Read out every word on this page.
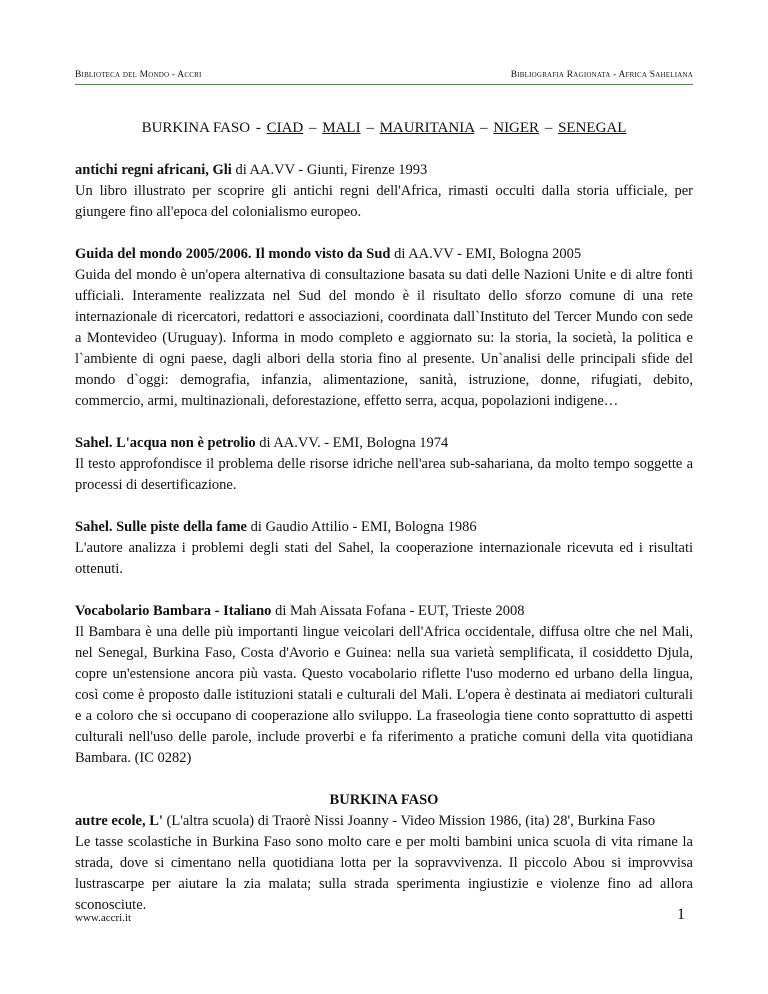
Biblioteca del Mondo - Accri	Bibliografia Ragionata - Africa Saheliana
BURKINA FASO - CIAD – MALI – MAURITANIA – NIGER – SENEGAL

antichi regni africani, Gli di AA.VV - Giunti, Firenze 1993

Un libro illustrato per scoprire gli antichi regni dell'Africa, rimasti occulti dalla storia ufficiale, per giungere fino all'epoca del colonialismo europeo.

Guida del mondo 2005/2006. Il mondo visto da Sud di AA.VV - EMI, Bologna 2005

Guida del mondo è un'opera alternativa di consultazione basata su dati delle Nazioni Unite e di altre fonti ufficiali. Interamente realizzata nel Sud del mondo è il risultato dello sforzo comune di una rete internazionale di ricercatori, redattori e associazioni, coordinata dall`Instituto del Tercer Mundo con sede a Montevideo (Uruguay). Informa in modo completo e aggiornato su: la storia, la società, la politica e l`ambiente di ogni paese, dagli albori della storia fino al presente. Un`analisi delle principali sfide del mondo d`oggi: demografia, infanzia, alimentazione, sanità, istruzione, donne, rifugiati, debito, commercio, armi, multinazionali, deforestazione, effetto serra, acqua, popolazioni indigene…

Sahel. L'acqua non è petrolio di AA.VV. - EMI, Bologna 1974

Il testo approfondisce il problema delle risorse idriche nell'area sub-sahariana, da molto tempo soggette a processi di desertificazione.

Sahel. Sulle piste della fame di Gaudio Attilio - EMI, Bologna 1986

L'autore analizza i problemi degli stati del Sahel, la cooperazione internazionale ricevuta ed i risultati ottenuti.

Vocabolario Bambara - Italiano di Mah Aissata Fofana - EUT, Trieste 2008

Il Bambara è una delle più importanti lingue veicolari dell'Africa occidentale, diffusa oltre che nel Mali, nel Senegal, Burkina Faso, Costa d'Avorio e Guinea: nella sua varietà semplificata, il cosiddetto Djula, copre un'estensione ancora più vasta. Questo vocabolario riflette l'uso moderno ed urbano della lingua, così come è proposto dalle istituzioni statali e culturali del Mali. L'opera è destinata ai mediatori culturali e a coloro che si occupano di cooperazione allo sviluppo. La fraseologia tiene conto soprattutto di aspetti culturali nell'uso delle parole, include proverbi e fa riferimento a pratiche comuni della vita quotidiana Bambara. (IC 0282)

BURKINA FASO

autre ecole, L' (L'altra scuola) di Traorè Nissi Joanny - Video Mission 1986, (ita) 28', Burkina Faso

Le tasse scolastiche in Burkina Faso sono molto care e per molti bambini unica scuola di vita rimane la strada, dove si cimentano nella quotidiana lotta per la sopravvivenza. Il piccolo Abou si improvvisa lustrascarpe per aiutare la zia malata; sulla strada sperimenta ingiustizie e violenze fino ad allora sconosciute.

www.accri.it	1
